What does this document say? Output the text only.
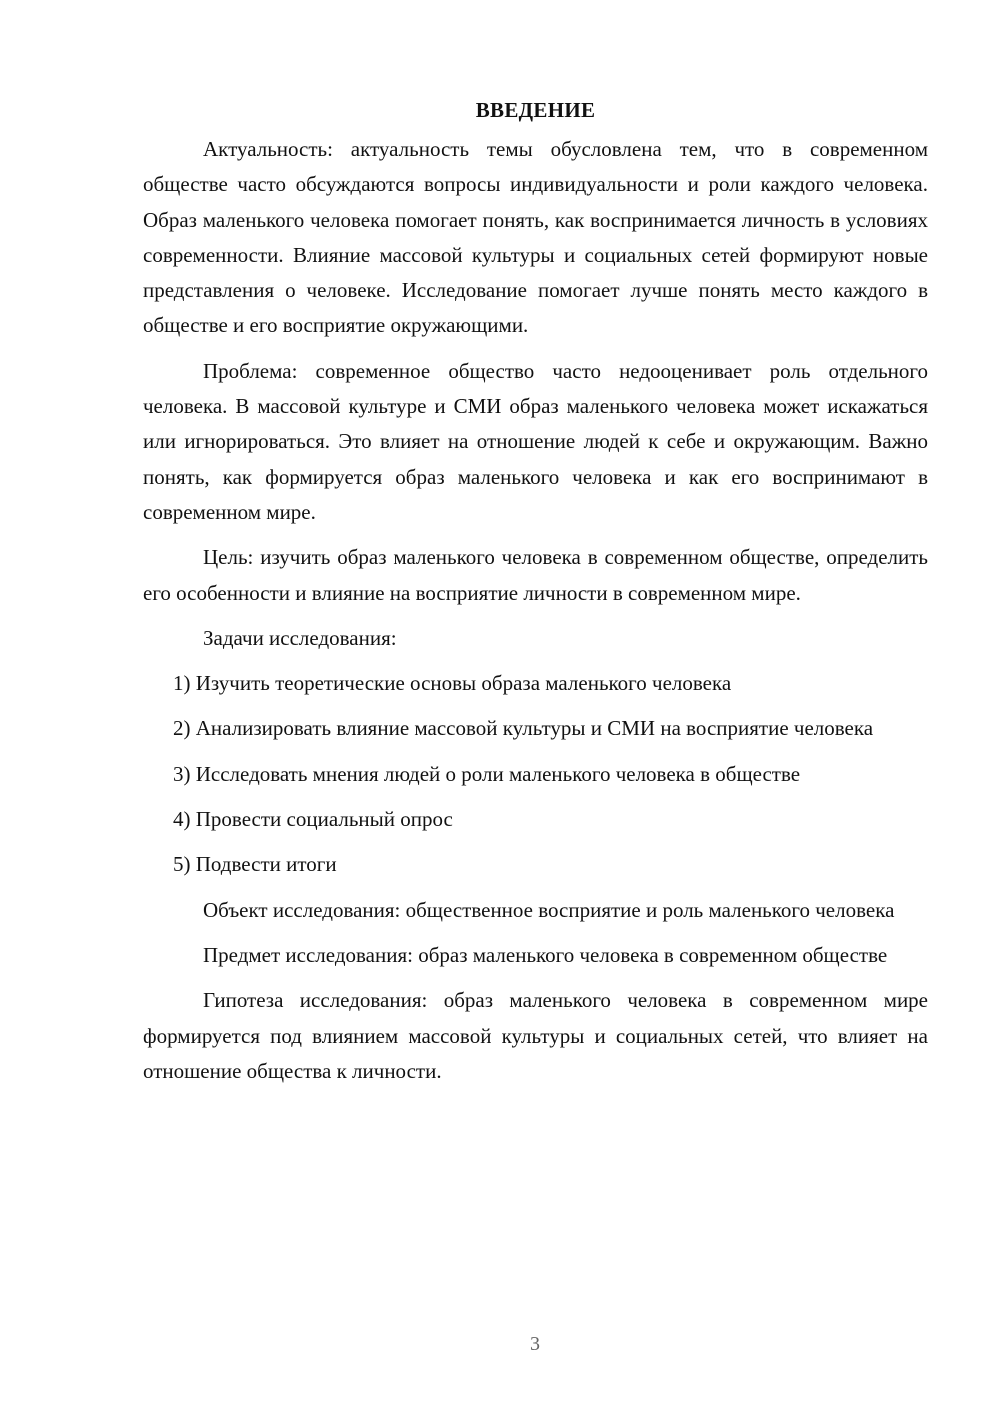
ВВЕДЕНИЕ

Актуальность: актуальность темы обусловлена тем, что в современном обществе часто обсуждаются вопросы индивидуальности и роли каждого человека. Образ маленького человека помогает понять, как воспринимается личность в условиях современности. Влияние массовой культуры и социальных сетей формируют новые представления о человеке. Исследование помогает лучше понять место каждого в обществе и его восприятие окружающими.

Проблема: современное общество часто недооценивает роль отдельного человека. В массовой культуре и СМИ образ маленького человека может искажаться или игнорироваться. Это влияет на отношение людей к себе и окружающим. Важно понять, как формируется образ маленького человека и как его воспринимают в современном мире.

Цель: изучить образ маленького человека в современном обществе, определить его особенности и влияние на восприятие личности в современном мире.

Задачи исследования:

1) Изучить теоретические основы образа маленького человека

2) Анализировать влияние массовой культуры и СМИ на восприятие человека

3) Исследовать мнения людей о роли маленького человека в обществе

4) Провести социальный опрос

5) Подвести итоги

Объект исследования: общественное восприятие и роль маленького человека

Предмет исследования: образ маленького человека в современном обществе

Гипотеза исследования: образ маленького человека в современном мире формируется под влиянием массовой культуры и социальных сетей, что влияет на отношение общества к личности.

3
